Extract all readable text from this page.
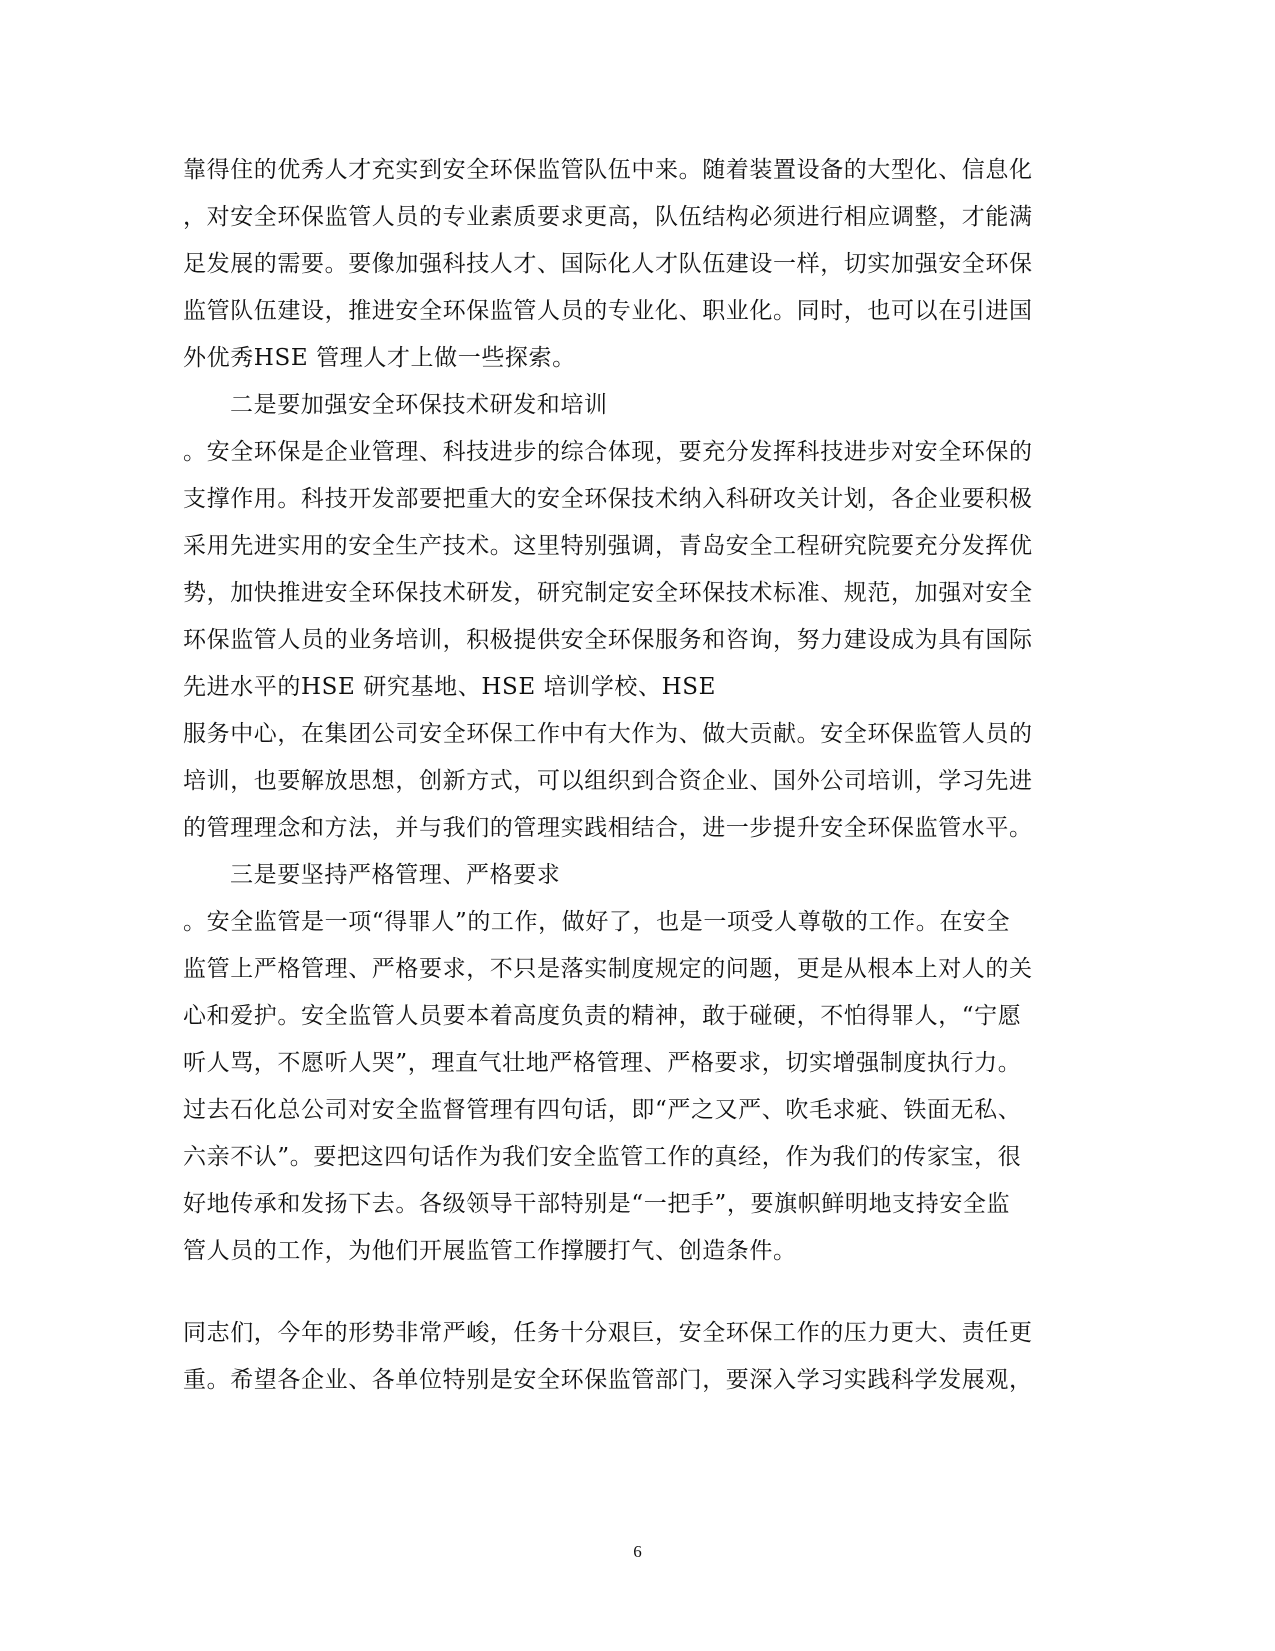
靠得住的优秀人才充实到安全环保监管队伍中来。随着装置设备的大型化、信息化
，对安全环保监管人员的专业素质要求更高，队伍结构必须进行相应调整，才能满
足发展的需要。要像加强科技人才、国际化人才队伍建设一样，切实加强安全环保
监管队伍建设，推进安全环保监管人员的专业化、职业化。同时，也可以在引进国
外优秀HSE 管理人才上做一些探索。
二是要加强安全环保技术研发和培训
。安全环保是企业管理、科技进步的综合体现，要充分发挥科技进步对安全环保的
支撑作用。科技开发部要把重大的安全环保技术纳入科研攻关计划，各企业要积极
采用先进实用的安全生产技术。这里特别强调，青岛安全工程研究院要充分发挥优
势，加快推进安全环保技术研发，研究制定安全环保技术标准、规范，加强对安全
环保监管人员的业务培训，积极提供安全环保服务和咨询，努力建设成为具有国际
先进水平的HSE 研究基地、HSE 培训学校、HSE
服务中心，在集团公司安全环保工作中有大作为、做大贡献。安全环保监管人员的
培训，也要解放思想，创新方式，可以组织到合资企业、国外公司培训，学习先进
的管理理念和方法，并与我们的管理实践相结合，进一步提升安全环保监管水平。
三是要坚持严格管理、严格要求
。安全监管是一项“得罪人”的工作，做好了，也是一项受人尊敬的工作。在安全
监管上严格管理、严格要求，不只是落实制度规定的问题，更是从根本上对人的关
心和爱护。安全监管人员要本着高度负责的精神，敢于碰硬，不怕得罪人，“宁愿
听人骂，不愿听人哭”，理直气壮地严格管理、严格要求，切实增强制度执行力。
过去石化总公司对安全监督管理有四句话，即“严之又严、吹毛求疵、铁面无私、
六亲不认”。要把这四句话作为我们安全监管工作的真经，作为我们的传家宝，很
好地传承和发扬下去。各级领导干部特别是“一把手”，要旗帜鲜明地支持安全监
管人员的工作，为他们开展监管工作撑腰打气、创造条件。
同志们，今年的形势非常严峻，任务十分艰巨，安全环保工作的压力更大、责任更
重。希望各企业、各单位特别是安全环保监管部门，要深入学习实践科学发展观，
6
